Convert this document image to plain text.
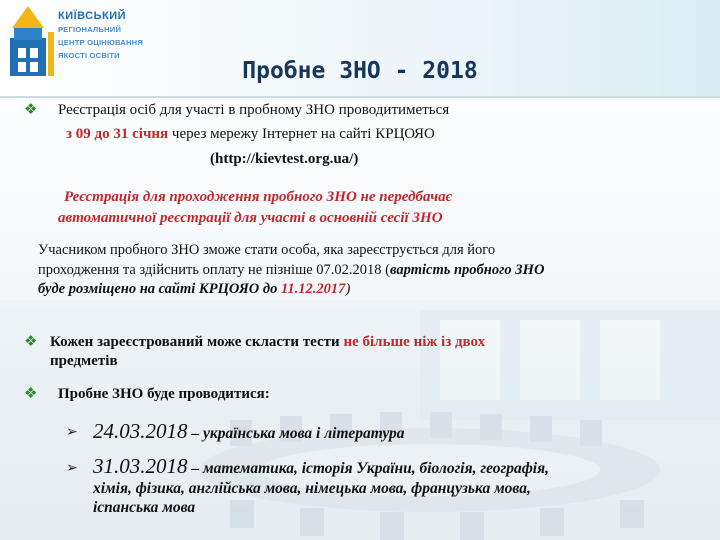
КИЇВСЬКИЙ

РЕГІОНАЛЬНИЙ
ЦЕНТР ОЦІНЮВАННЯ
ЯКОСТІ ОСВІТИ
Пробне ЗНО - 2018
❖ Реєстрація осіб для участі в пробному ЗНО проводитиметься
з 09 до 31 січня через мережу Інтернет на сайті КРЦОЯО
(http://kievtest.org.ua/)
Реєстрація для проходження пробного ЗНО не передбачає
автоматичної реєстрації для участі в основній сесії ЗНО
Учасником пробного ЗНО зможе стати особа, яка зареєструється для його
проходження та здійснить оплату не пізніше 07.02.2018 (вартість пробного ЗНО
буде розміщено на сайті КРЦОЯО до 11.12.2017)
❖ Кожен зареєстрований може скласти тести не більше ніж із двох
предметів
❖ Пробне ЗНО буде проводитися:
➢ 24.03.2018 – українська мова і література
➢ 31.03.2018 – математика, історія України, біологія, географія,
хімія, фізика, англійська мова, німецька мова, французька мова,
іспанська мова
